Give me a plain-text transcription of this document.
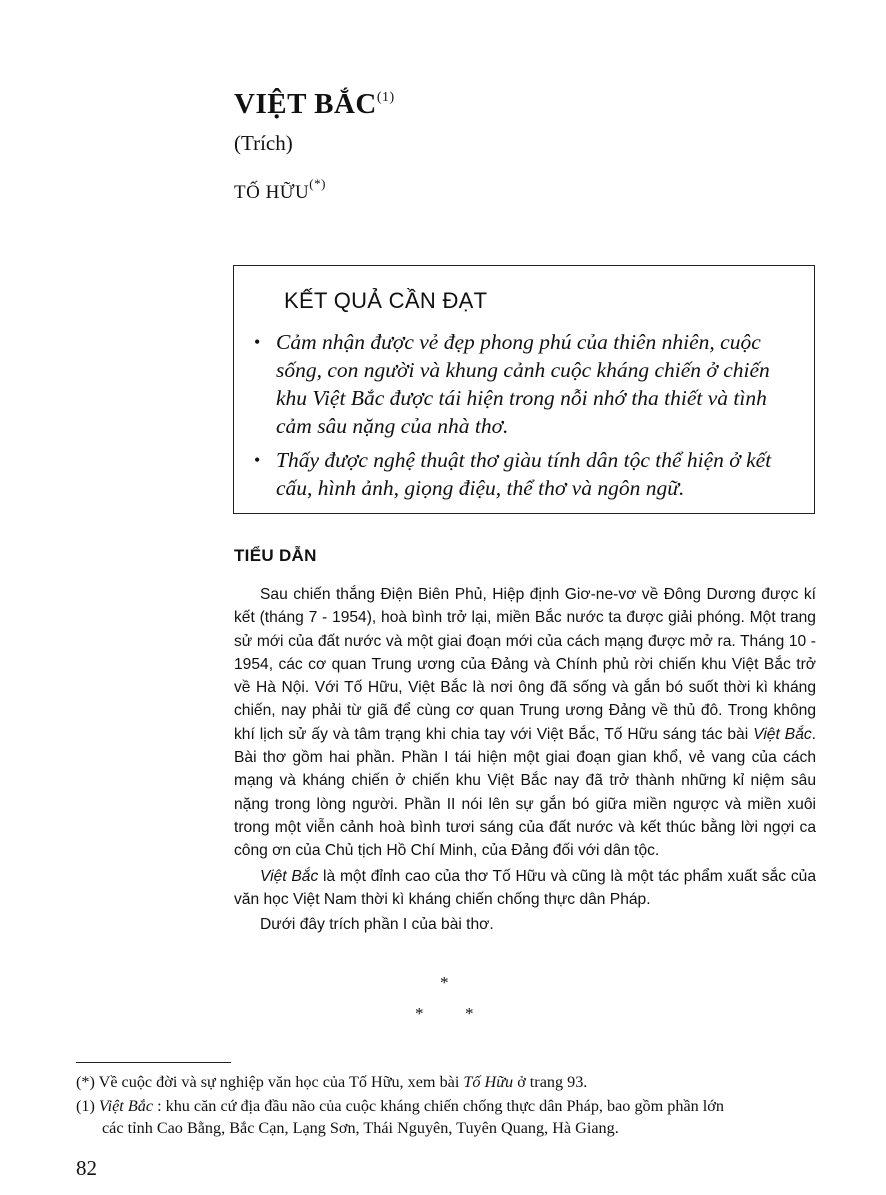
VIỆT BẮC$^{(1)}$
(Trích)
TỐ HỮU(*)
KẾT QUẢ CẦN ĐẠT
• Cảm nhận được vẻ đẹp phong phú của thiên nhiên, cuộc sống, con người và khung cảnh cuộc kháng chiến ở chiến khu Việt Bắc được tái hiện trong nỗi nhớ tha thiết và tình cảm sâu nặng của nhà thơ.
• Thấy được nghệ thuật thơ giàu tính dân tộc thể hiện ở kết cấu, hình ảnh, giọng điệu, thể thơ và ngôn ngữ.
TIỂU DẪN

Sau chiến thắng Điện Biên Phủ, Hiệp định Giơ-ne-vơ về Đông Dương được kí kết (tháng 7 - 1954), hoà bình trở lại, miền Bắc nước ta được giải phóng. Một trang sử mới của đất nước và một giai đoạn mới của cách mạng được mở ra. Tháng 10 - 1954, các cơ quan Trung ương của Đảng và Chính phủ rời chiến khu Việt Bắc trở về Hà Nội. Với Tố Hữu, Việt Bắc là nơi ông đã sống và gắn bó suốt thời kì kháng chiến, nay phải từ giã để cùng cơ quan Trung ương Đảng về thủ đô. Trong không khí lịch sử ấy và tâm trạng khi chia tay với Việt Bắc, Tố Hữu sáng tác bài Việt Bắc. Bài thơ gồm hai phần. Phần I tái hiện một giai đoạn gian khổ, vẻ vang của cách mạng và kháng chiến ở chiến khu Việt Bắc nay đã trở thành những kỉ niệm sâu nặng trong lòng người. Phần II nói lên sự gắn bó giữa miền ngược và miền xuôi trong một viễn cảnh hoà bình tươi sáng của đất nước và kết thúc bằng lời ngợi ca công ơn của Chủ tịch Hồ Chí Minh, của Đảng đối với dân tộc.

Việt Bắc là một đỉnh cao của thơ Tố Hữu và cũng là một tác phẩm xuất sắc của văn học Việt Nam thời kì kháng chiến chống thực dân Pháp.

Dưới đây trích phần I của bài thơ.

*
* *

(*) Về cuộc đời và sự nghiệp văn học của Tố Hữu, xem bài Tố Hữu ở trang 93.

(1) Việt Bắc : khu căn cứ địa đầu não của cuộc kháng chiến chống thực dân Pháp, bao gồm phần lớn
các tỉnh Cao Bằng, Bắc Cạn, Lạng Sơn, Thái Nguyên, Tuyên Quang, Hà Giang.

82
